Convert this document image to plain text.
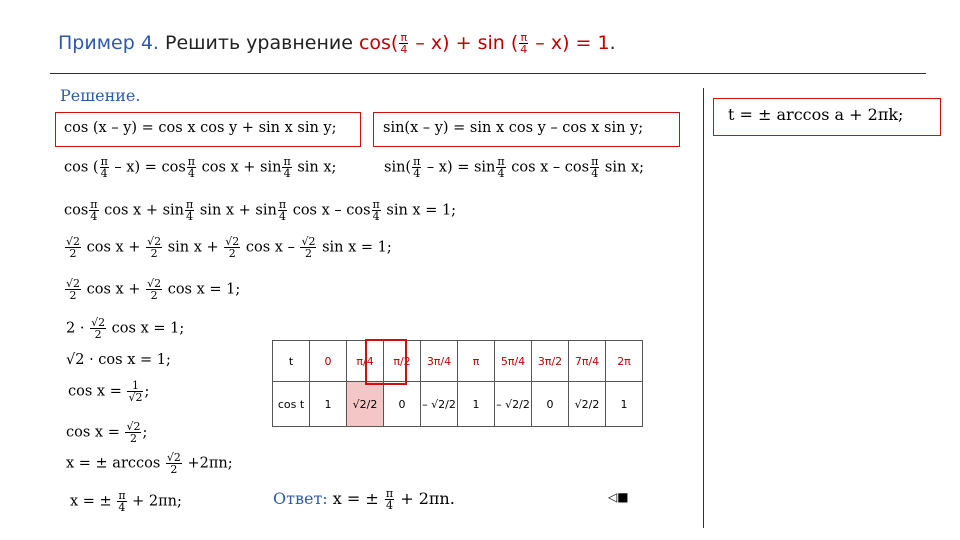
Пример 4. Решить уравнение $\cos( \frac{\pi}{4} - x) + \sin$ ( $\frac{\pi}{4} - x) = 1$.
Решение.
cos (x – y) = cos x cos y + sin x sin y;	sin(x – y) = sin x cos y – cos x sin y;
t = ± arccos a + 2πk;
cos ( $\frac{\pi}{4} - x) = \cos \frac{\pi}{4}$ $\cos x + \sin \frac{\pi}{4}$ sin x;	$\sin( \frac{\pi}{4} - x) = \sin \frac{\pi}{4}$ cos x – $\cos \frac{\pi}{4}$ sin x;
$\cos \frac{\pi}{4}$ $\cos x + \sin \frac{\pi}{4}$ $\sin x + \sin \frac{\pi}{4}$ cos x – $\cos \frac{\pi}{4}$ sin x = 1;
$\frac{√2}{2}$ $\cos x + \frac{√2}{2}$ $\sin x + \frac{√2}{2}$ cos x – $\frac{√2}{2}$ sin x = 1;
$\frac{√2}{2}$ $\cos x + \frac{√2}{2}$ cos x = 1;
$2 \cdot \frac{√2}{2}$ cos x = 1;
√2 · cos x = 1;
$\cos x = \frac{1}{√2}$ ;
$\cos x = \frac{√2}{2}$ ;
x = ± $\arccos \frac{√2}{2} +2\pi n$;
x = ± $\frac{\pi}{4} + 2\pi n$;
t	0	π/4	π/2	3π/4	π	5π/4	3π/2	7π/4	2π
cos t	1	√2/2	0	– √2/2	1	– √2/2	0	√2/2	1
Ответ: x = ± $\frac{\pi}{4} + 2\pi n$.	◁■
